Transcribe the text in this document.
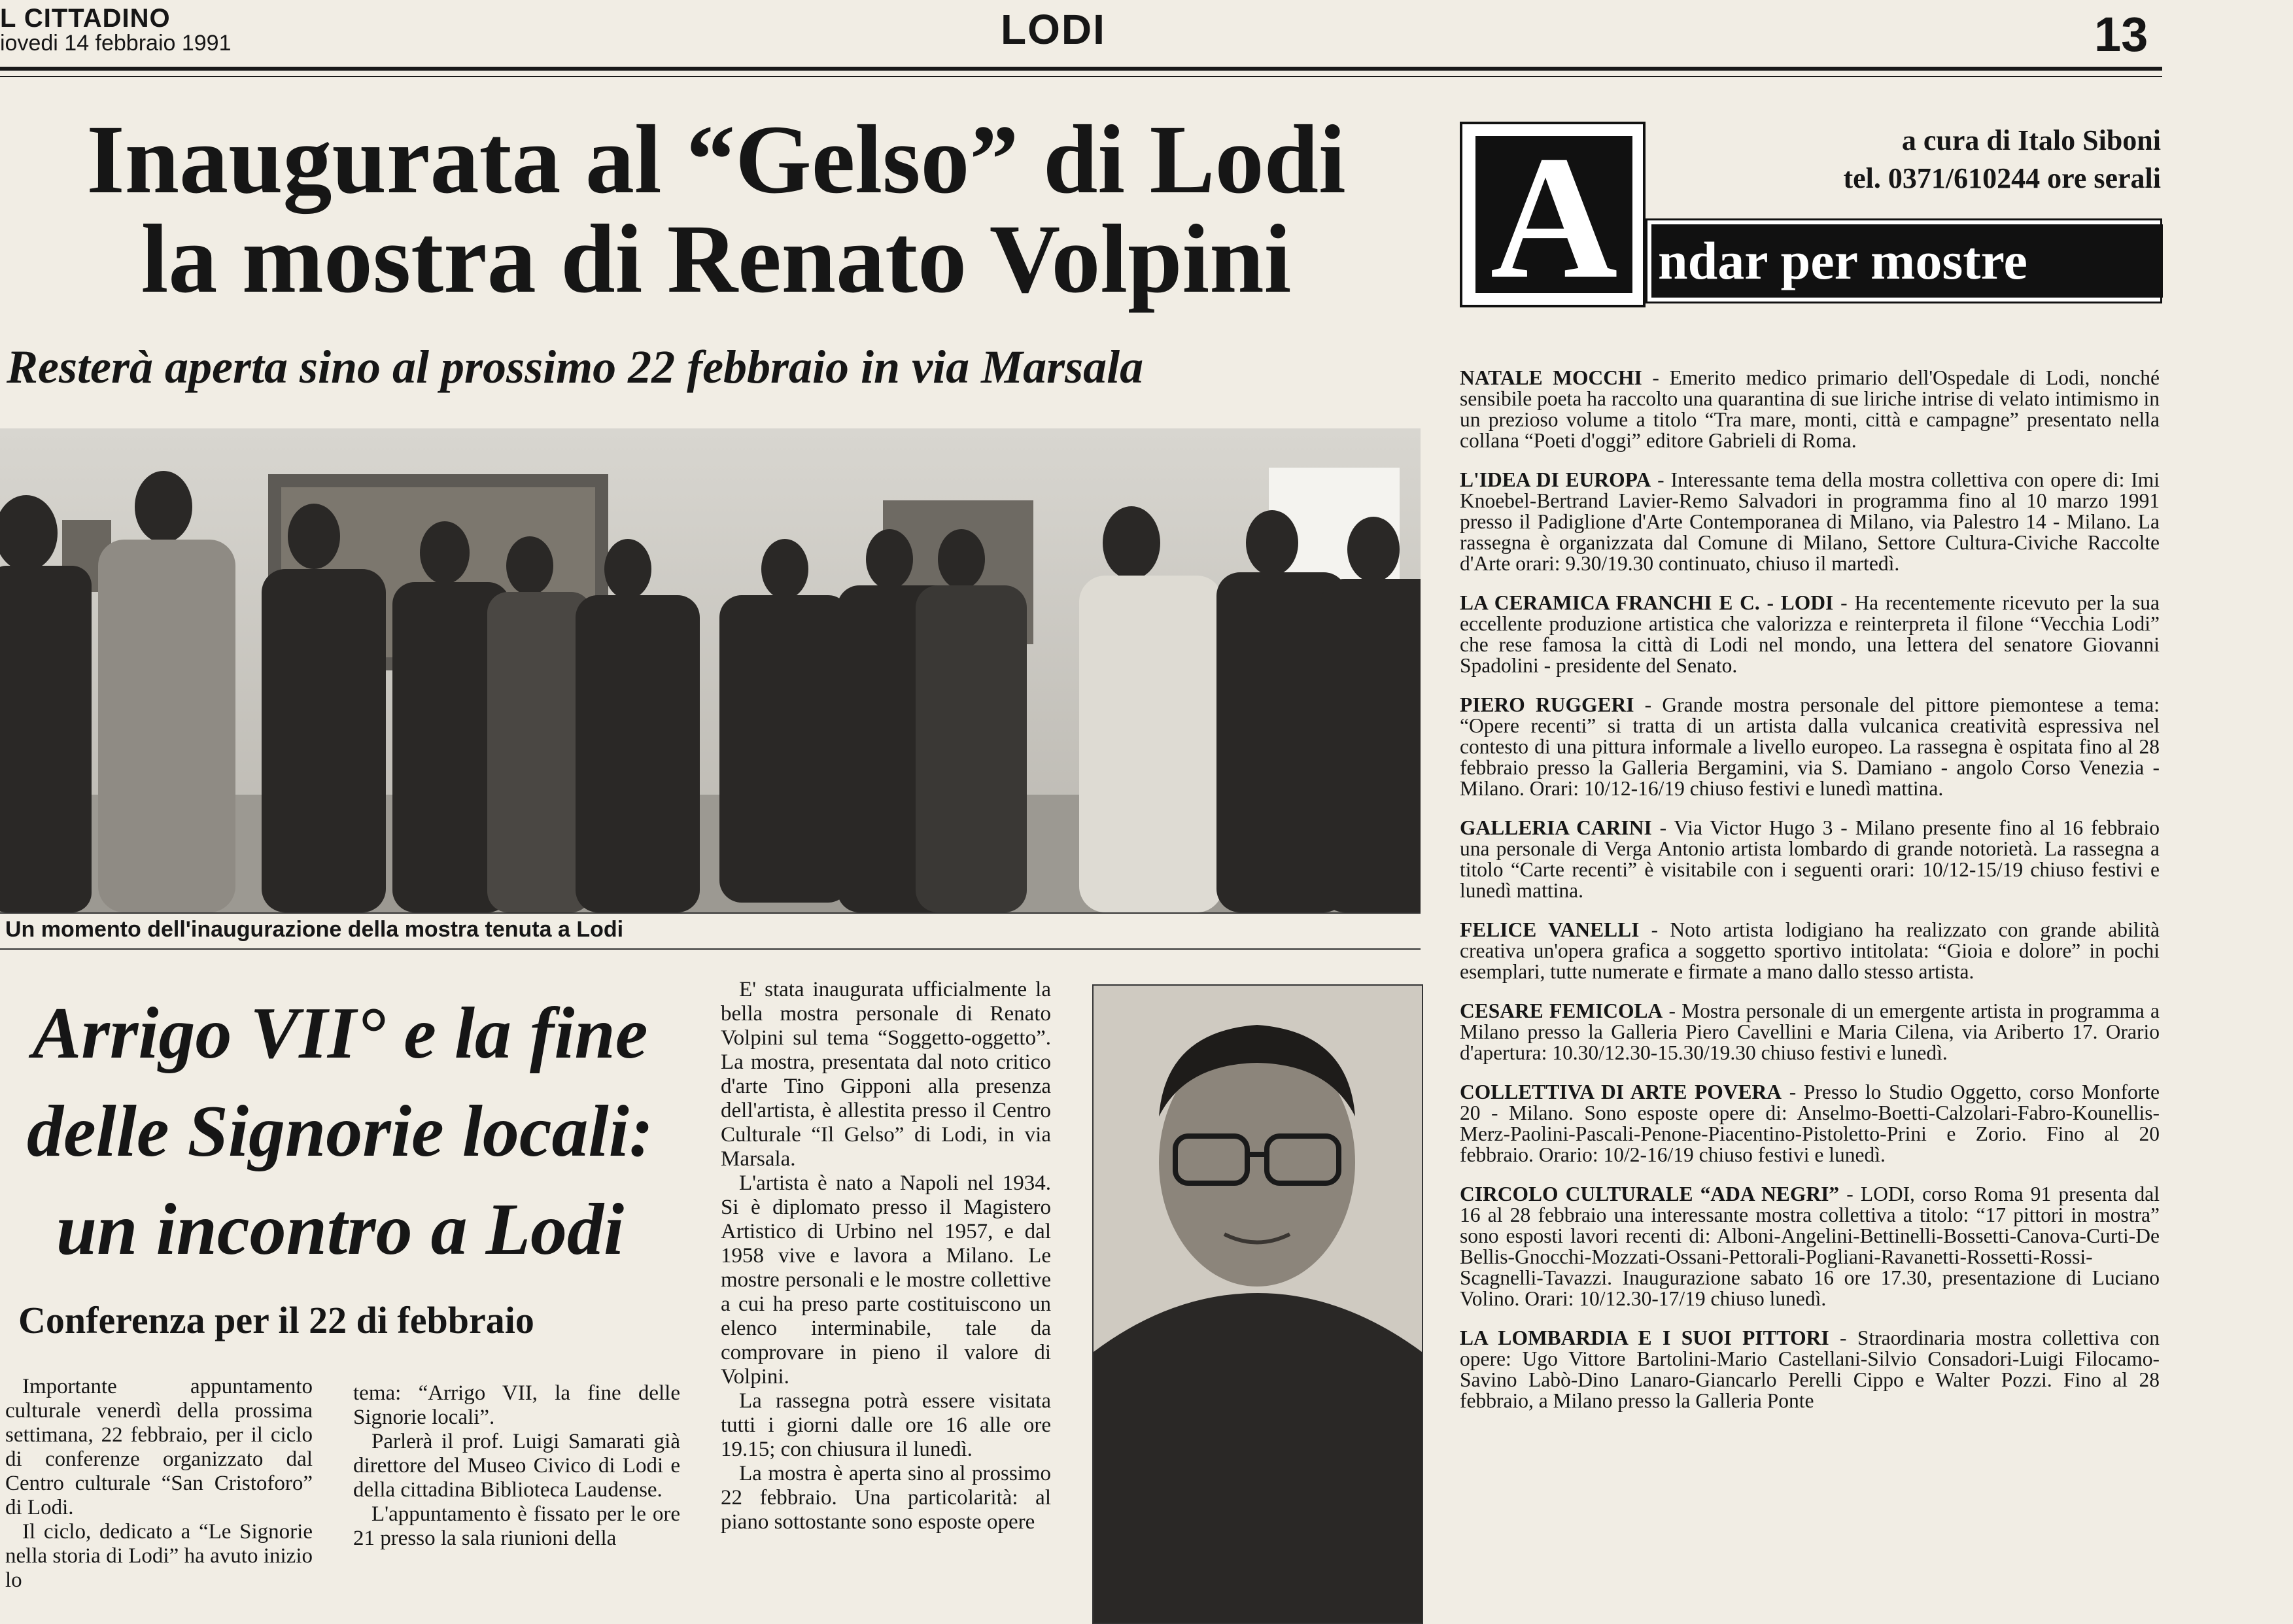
L CITTADINO
iovedi 14 febbraio 1991	LODI	13
Inaugurata al “Gelso” di Lodi
la mostra di Renato Volpini
Resterà aperta sino al prossimo 22 febbraio in via Marsala
Un momento dell'inaugurazione della mostra tenuta a Lodi
Arrigo VII° e la fine
delle Signorie locali:
un incontro a Lodi
Conferenza per il 22 di febbraio

Importante appuntamento culturale venerdì della prossima settimana, 22 febbraio, per il ciclo di conferenze organizzato dal Centro culturale “San Cristoforo” di Lodi.

Il ciclo, dedicato a “Le Signorie nella storia di Lodi” ha avuto inizio lo

tema: “Arrigo VII, la fine delle Signorie locali”.

Parlerà il prof. Luigi Samarati già direttore del Museo Civico di Lodi e della cittadina Biblioteca Laudense.

L'appuntamento è fissato per le ore 21 presso la sala riunioni della

E' stata inaugurata ufficialmente la bella mostra personale di Renato Volpini sul tema “Soggetto-oggetto”. La mostra, presentata dal noto critico d'arte Tino Gipponi alla presenza dell'artista, è allestita presso il Centro Culturale “Il Gelso” di Lodi, in via Marsala.

L'artista è nato a Napoli nel 1934. Si è diplomato presso il Magistero Artistico di Urbino nel 1957, e dal 1958 vive e lavora a Milano. Le mostre personali e le mostre collettive a cui ha preso parte costituiscono un elenco interminabile, tale da comprovare in pieno il valore di Volpini.

La rassegna potrà essere visitata tutti i giorni dalle ore 16 alle ore 19.15; con chiusura il lunedì.

La mostra è aperta sino al prossimo 22 febbraio. Una particolarità: al piano sottostante sono esposte opere

A ndar per mostre
a cura di Italo Siboni
tel. 0371/610244 ore serali
NATALE MOCCHI - Emerito medico primario dell'Ospedale di Lodi, nonché sensibile poeta ha raccolto una quarantina di sue liriche intrise di velato intimismo in un prezioso volume a titolo “Tra mare, monti, città e campagne” presentato nella collana “Poeti d'oggi” editore Gabrieli di Roma.
L'IDEA DI EUROPA - Interessante tema della mostra collettiva con opere di: Imi Knoebel-Bertrand Lavier-Remo Salvadori in programma fino al 10 marzo 1991 presso il Padiglione d'Arte Contemporanea di Milano, via Palestro 14 - Milano. La rassegna è organizzata dal Comune di Milano, Settore Cultura-Civiche Raccolte d'Arte orari: 9.30/19.30 continuato, chiuso il martedì.
LA CERAMICA FRANCHI E C. - LODI - Ha recentemente ricevuto per la sua eccellente produzione artistica che valorizza e reinterpreta il filone “Vecchia Lodi” che rese famosa la città di Lodi nel mondo, una lettera del senatore Giovanni Spadolini - presidente del Senato.
PIERO RUGGERI - Grande mostra personale del pittore piemontese a tema: “Opere recenti” si tratta di un artista dalla vulcanica creatività espressiva nel contesto di una pittura informale a livello europeo. La rassegna è ospitata fino al 28 febbraio presso la Galleria Bergamini, via S. Damiano - angolo Corso Venezia - Milano. Orari: 10/12-16/19 chiuso festivi e lunedì mattina.
GALLERIA CARINI - Via Victor Hugo 3 - Milano presente fino al 16 febbraio una personale di Verga Antonio artista lombardo di grande notorietà. La rassegna a titolo “Carte recenti” è visitabile con i seguenti orari: 10/12-15/19 chiuso festivi e lunedì mattina.
FELICE VANELLI - Noto artista lodigiano ha realizzato con grande abilità creativa un'opera grafica a soggetto sportivo intitolata: “Gioia e dolore” in pochi esemplari, tutte numerate e firmate a mano dallo stesso artista.
CESARE FEMICOLA - Mostra personale di un emergente artista in programma a Milano presso la Galleria Piero Cavellini e Maria Cilena, via Ariberto 17. Orario d'apertura: 10.30/12.30-15.30/19.30 chiuso festivi e lunedì.
COLLETTIVA DI ARTE POVERA - Presso lo Studio Oggetto, corso Monforte 20 - Milano. Sono esposte opere di: Anselmo-Boetti-Calzolari-Fabro-Kounellis-Merz-Paolini-Pascali-Penone-Piacentino-Pistoletto-Prini e Zorio. Fino al 20 febbraio. Orario: 10/2-16/19 chiuso festivi e lunedì.
CIRCOLO CULTURALE “ADA NEGRI” - LODI, corso Roma 91 presenta dal 16 al 28 febbraio una interessante mostra collettiva a titolo: “17 pittori in mostra” sono esposti lavori recenti di: Alboni-Angelini-Bettinelli-Bossetti-Canova-Curti-De Bellis-Gnocchi-Mozzati-Ossani-Pettorali-Pogliani-Ravanetti-Rossetti-Rossi-Scagnelli-Tavazzi. Inaugurazione sabato 16 ore 17.30, presentazione di Luciano Volino. Orari: 10/12.30-17/19 chiuso lunedì.
LA LOMBARDIA E I SUOI PITTORI - Straordinaria mostra collettiva con opere: Ugo Vittore Bartolini-Mario Castellani-Silvio Consadori-Luigi Filocamo-Savino Labò-Dino Lanaro-Giancarlo Perelli Cippo e Walter Pozzi. Fino al 28 febbraio, a Milano presso la Galleria Ponte
